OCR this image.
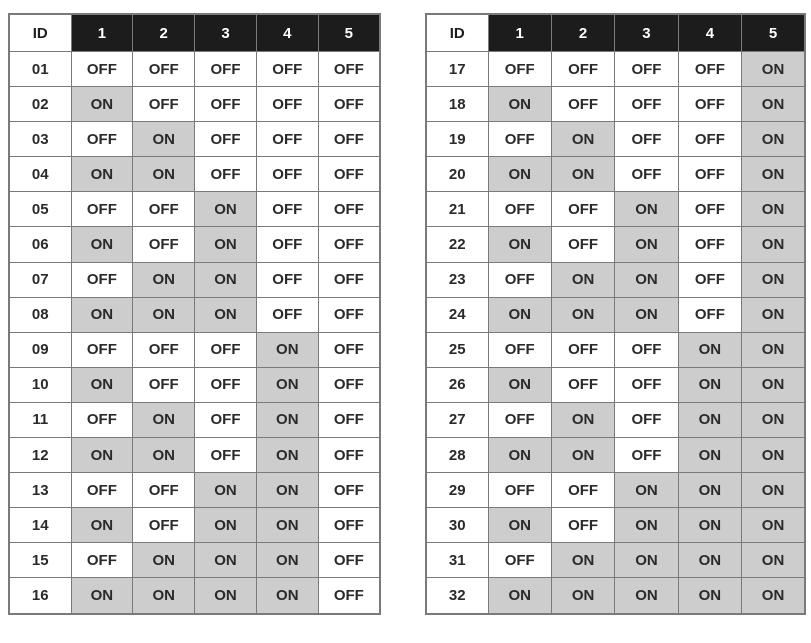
ID	1	2	3	4	5
01	OFF	OFF	OFF	OFF	OFF
02	ON	OFF	OFF	OFF	OFF
03	OFF	ON	OFF	OFF	OFF
04	ON	ON	OFF	OFF	OFF
05	OFF	OFF	ON	OFF	OFF
06	ON	OFF	ON	OFF	OFF
07	OFF	ON	ON	OFF	OFF
08	ON	ON	ON	OFF	OFF
09	OFF	OFF	OFF	ON	OFF
10	ON	OFF	OFF	ON	OFF
11	OFF	ON	OFF	ON	OFF
12	ON	ON	OFF	ON	OFF
13	OFF	OFF	ON	ON	OFF
14	ON	OFF	ON	ON	OFF
15	OFF	ON	ON	ON	OFF
16	ON	ON	ON	ON	OFF
ID	1	2	3	4	5
17	OFF	OFF	OFF	OFF	ON
18	ON	OFF	OFF	OFF	ON
19	OFF	ON	OFF	OFF	ON
20	ON	ON	OFF	OFF	ON
21	OFF	OFF	ON	OFF	ON
22	ON	OFF	ON	OFF	ON
23	OFF	ON	ON	OFF	ON
24	ON	ON	ON	OFF	ON
25	OFF	OFF	OFF	ON	ON
26	ON	OFF	OFF	ON	ON
27	OFF	ON	OFF	ON	ON
28	ON	ON	OFF	ON	ON
29	OFF	OFF	ON	ON	ON
30	ON	OFF	ON	ON	ON
31	OFF	ON	ON	ON	ON
32	ON	ON	ON	ON	ON
